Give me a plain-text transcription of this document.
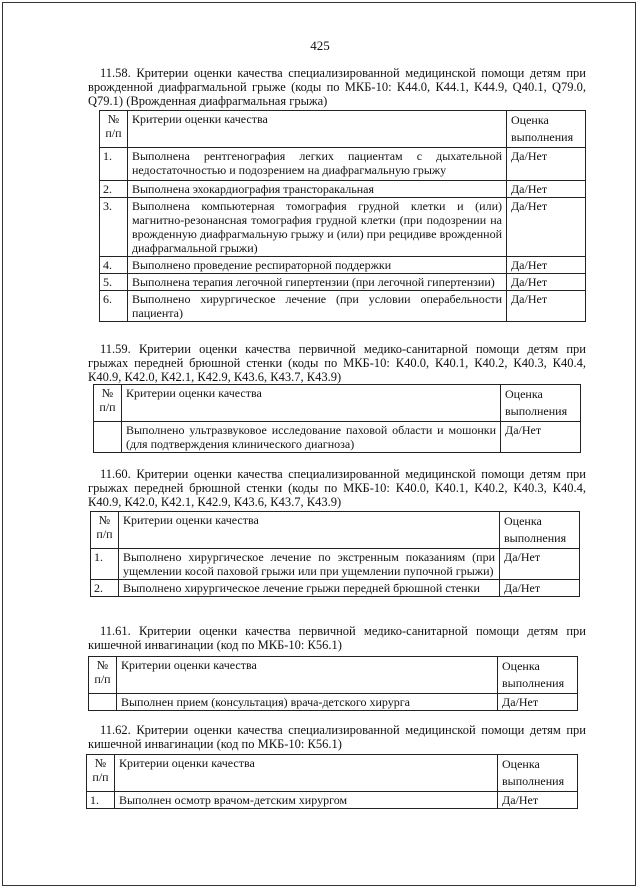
425
11.58. Критерии оценки качества специализированной медицинской помощи детям при врожденной диафрагмальной грыже (коды по МКБ-10: К44.0, К44.1, К44.9, Q40.1, Q79.0, Q79.1) (Врожденная диафрагмальная грыжа)
№ п/п	Критерии оценки качества	Оценка выполнения
1.	Выполнена рентгенография легких пациентам с дыхательной недостаточностью и подозрением на диафрагмальную грыжу	Да/Нет
2.	Выполнена эхокардиография трансторакальная	Да/Нет
3.	Выполнена компьютерная томография грудной клетки и (или) магнитно-резонансная томография грудной клетки (при подозрении на врожденную диафрагмальную грыжу и (или) при рецидиве врожденной диафрагмальной грыжи)	Да/Нет
4.	Выполнено проведение респираторной поддержки	Да/Нет
5.	Выполнена терапия легочной гипертензии (при легочной гипертензии)	Да/Нет
6.	Выполнено хирургическое лечение (при условии операбельности пациента)	Да/Нет
11.59. Критерии оценки качества первичной медико-санитарной помощи детям при грыжах передней брюшной стенки (коды по МКБ-10: К40.0, К40.1, К40.2, К40.3, К40.4, К40.9, К42.0, К42.1, К42.9, К43.6, К43.7, К43.9)
№ п/п	Критерии оценки качества	Оценка выполнения
	Выполнено ультразвуковое исследование паховой области и мошонки (для подтверждения клинического диагноза)	Да/Нет
11.60. Критерии оценки качества специализированной медицинской помощи детям при грыжах передней брюшной стенки (коды по МКБ-10: К40.0, К40.1, К40.2, К40.3, К40.4, К40.9, К42.0, К42.1, К42.9, К43.6, К43.7, К43.9)
№ п/п	Критерии оценки качества	Оценка выполнения
1.	Выполнено хирургическое лечение по экстренным показаниям (при ущемлении косой паховой грыжи или при ущемлении пупочной грыжи)	Да/Нет
2.	Выполнено хирургическое лечение грыжи передней брюшной стенки	Да/Нет
11.61. Критерии оценки качества первичной медико-санитарной помощи детям при кишечной инвагинации (код по МКБ-10: К56.1)
№ п/п	Критерии оценки качества	Оценка выполнения
	Выполнен прием (консультация) врача-детского хирурга	Да/Нет
11.62. Критерии оценки качества специализированной медицинской помощи детям при кишечной инвагинации (код по МКБ-10: К56.1)
№ п/п	Критерии оценки качества	Оценка выполнения
1.	Выполнен осмотр врачом-детским хирургом	Да/Нет
